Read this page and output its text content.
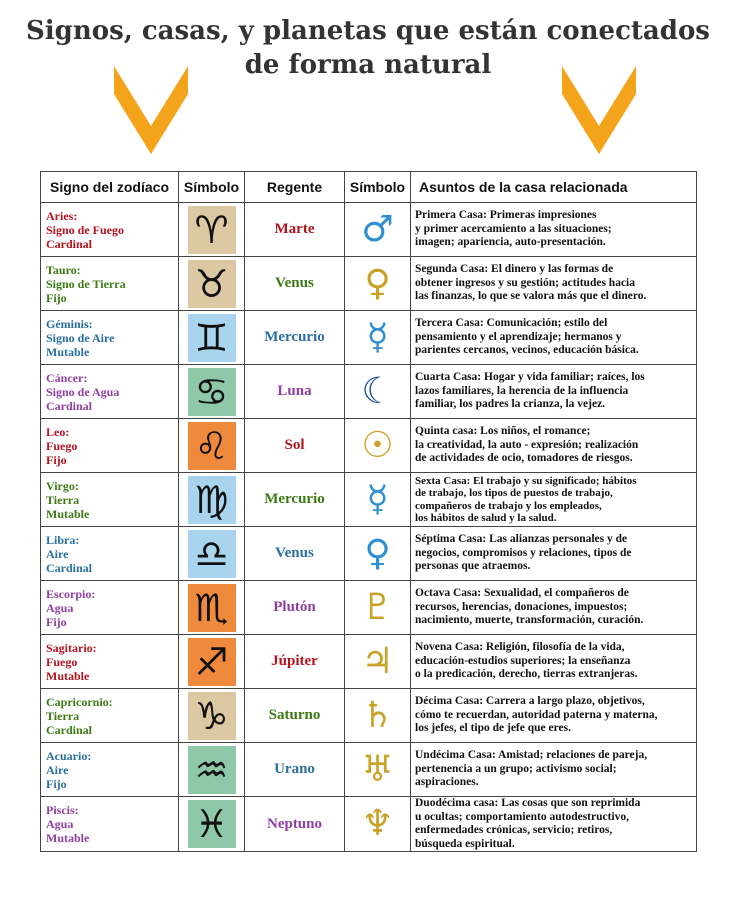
Signos, casas, y planetas que están conectados
de forma natural
Signo del zodíaco	Símbolo	Regente	Símbolo	Asuntos de la casa relacionada

Aries:
Signo de Fuego
Cardinal	♈	Marte	♂	Primera Casa: Primeras impresiones
y primer acercamiento a las situaciones;
imagen; apariencia, auto-presentación.

Tauro:
Signo de Tierra
Fijo	♉	Venus	♀	Segunda Casa: El dinero y las formas de
obtener ingresos y su gestión; actitudes hacia
las finanzas, lo que se valora más que el dinero.

Géminis:
Signo de Aire
Mutable	♊	Mercurio	☿	Tercera Casa: Comunicación; estilo del
pensamiento y el aprendizaje; hermanos y
parientes cercanos, vecinos, educación básica.

Cáncer:
Signo de Agua
Cardinal	♋	Luna	☾	Cuarta Casa: Hogar y vida familiar; raíces, los
lazos familiares, la herencia de la influencia
familiar, los padres la crianza, la vejez.

Leo:
Fuego
Fijo	♌	Sol	☉	Quinta casa: Los niños, el romance;
la creatividad, la auto - expresión; realización
de actividades de ocio, tomadores de riesgos.

Virgo:
Tierra
Mutable	♍	Mercurio	☿	Sexta Casa: El trabajo y su significado; hábitos
de trabajo, los tipos de puestos de trabajo,
compañeros de trabajo y los empleados,
los hábitos de salud y la salud.

Libra:
Aire
Cardinal	♎	Venus	♀	Séptima Casa: Las alianzas personales y de
negocios, compromisos y relaciones, tipos de
personas que atraemos.

Escorpio:
Agua
Fijo	♏	Plutón	♇	Octava Casa: Sexualidad, el compañeros de
recursos, herencias, donaciones, impuestos;
nacimiento, muerte, transformación, curación.

Sagitario:
Fuego
Mutable	♐	Júpiter	♃	Novena Casa: Religión, filosofía de la vida,
educación-estudios superiores; la enseñanza
o la predicación, derecho, tierras extranjeras.

Capricornio:
Tierra
Cardinal	♑	Saturno	♄	Décima Casa: Carrera a largo plazo, objetivos,
cómo te recuerdan, autoridad paterna y materna,
los jefes, el tipo de jefe que eres.

Acuario:
Aire
Fijo	♒	Urano	♅	Undécima Casa: Amistad; relaciones de pareja,
pertenencia a un grupo; activismo social;
aspiraciones.

Piscis:
Agua
Mutable	♓	Neptuno	♆	Duodécima casa: Las cosas que son reprimida
u ocultas; comportamiento autodestructivo,
enfermedades crónicas, servicio; retiros,
búsqueda espiritual.
